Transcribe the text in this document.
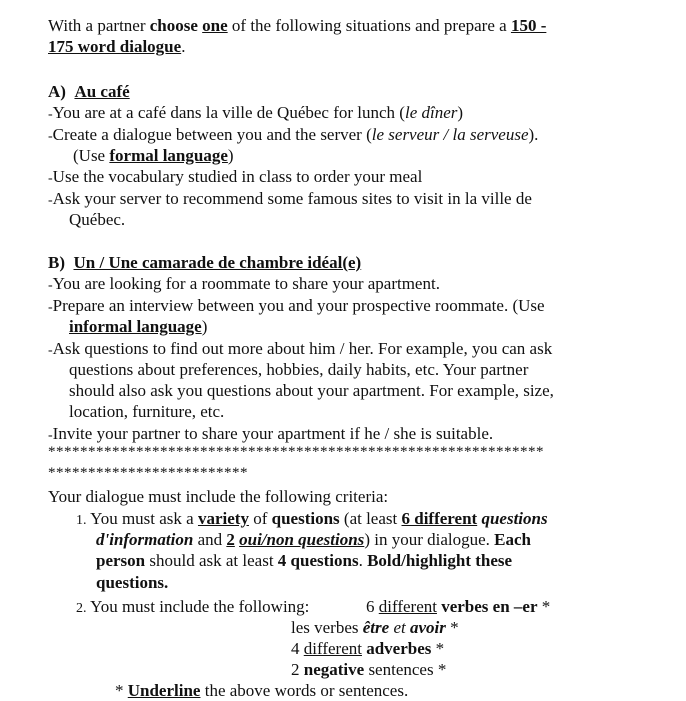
With a partner choose one of the following situations and prepare a 150 -
175 word dialogue.
A) Au café
-You are at a café dans la ville de Québec for lunch (le dîner)
-Create a dialogue between you and the server (le serveur / la serveuse).
(Use formal language)
-Use the vocabulary studied in class to order your meal
-Ask your server to recommend some famous sites to visit in la ville de
Québec.
B) Un / Une camarade de chambre idéal(e)
-You are looking for a roommate to share your apartment.
-Prepare an interview between you and your prospective roommate. (Use
informal language)
-Ask questions to find out more about him / her. For example, you can ask
questions about preferences, hobbies, daily habits, etc. Your partner
should also ask you questions about your apartment. For example, size,
location, furniture, etc.
-Invite your partner to share your apartment if he / she is suitable.
**************************************************************
*************************
Your dialogue must include the following criteria:
1. You must ask a variety of questions (at least 6 different questions
d'information and 2 oui/non questions) in your dialogue. Each
person should ask at least 4 questions. Bold/highlight these
questions.
2. You must include the following:	6 different verbes en –er *
les verbes être et avoir *
4 different adverbes *
2 negative sentences *
* Underline the above words or sentences.
